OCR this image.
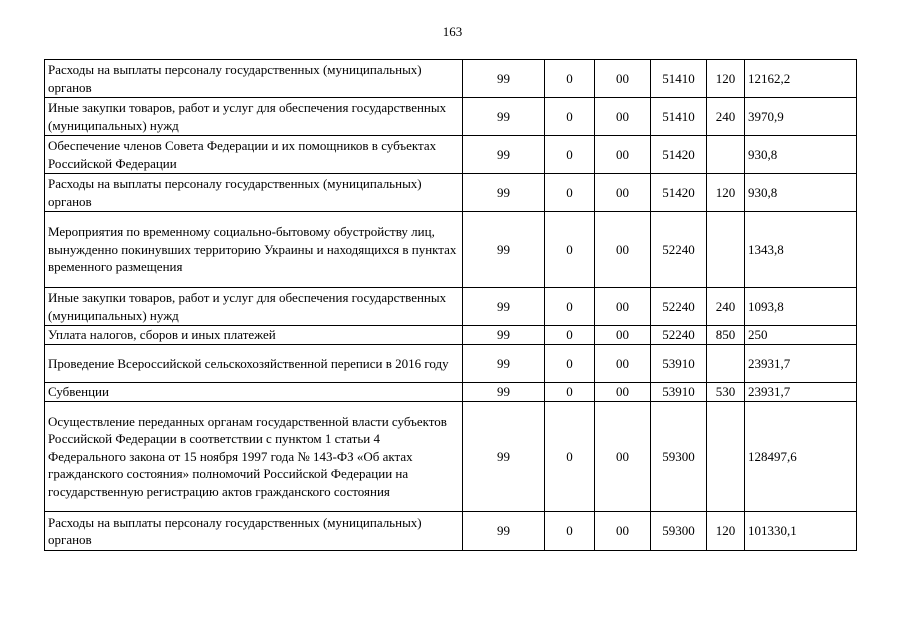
163
Расходы на выплаты персоналу государственных (муниципальных) органов	99	0	00	51410	120	12162,2
Иные закупки товаров, работ и услуг для обеспечения государственных (муниципальных) нужд	99	0	00	51410	240	3970,9
Обеспечение членов Совета Федерации и их помощников в субъектах Российской Федерации	99	0	00	51420		930,8
Расходы на выплаты персоналу государственных (муниципальных) органов	99	0	00	51420	120	930,8
Мероприятия по временному социально-бытовому обустройству лиц, вынужденно покинувших территорию Украины и находящихся в пунктах временного размещения	99	0	00	52240		1343,8
Иные закупки товаров, работ и услуг для обеспечения государственных (муниципальных) нужд	99	0	00	52240	240	1093,8
Уплата налогов, сборов и иных платежей	99	0	00	52240	850	250
Проведение Всероссийской сельскохозяйственной переписи в 2016 году	99	0	00	53910		23931,7
Субвенции	99	0	00	53910	530	23931,7
Осуществление переданных органам государственной власти субъектов Российской Федерации в соответствии с пунктом 1 статьи 4 Федерального закона от 15 ноября 1997 года № 143-ФЗ «Об актах гражданского состояния» полномочий Российской Федерации на государственную регистрацию актов гражданского состояния	99	0	00	59300		128497,6
Расходы на выплаты персоналу государственных (муниципальных) органов	99	0	00	59300	120	101330,1
